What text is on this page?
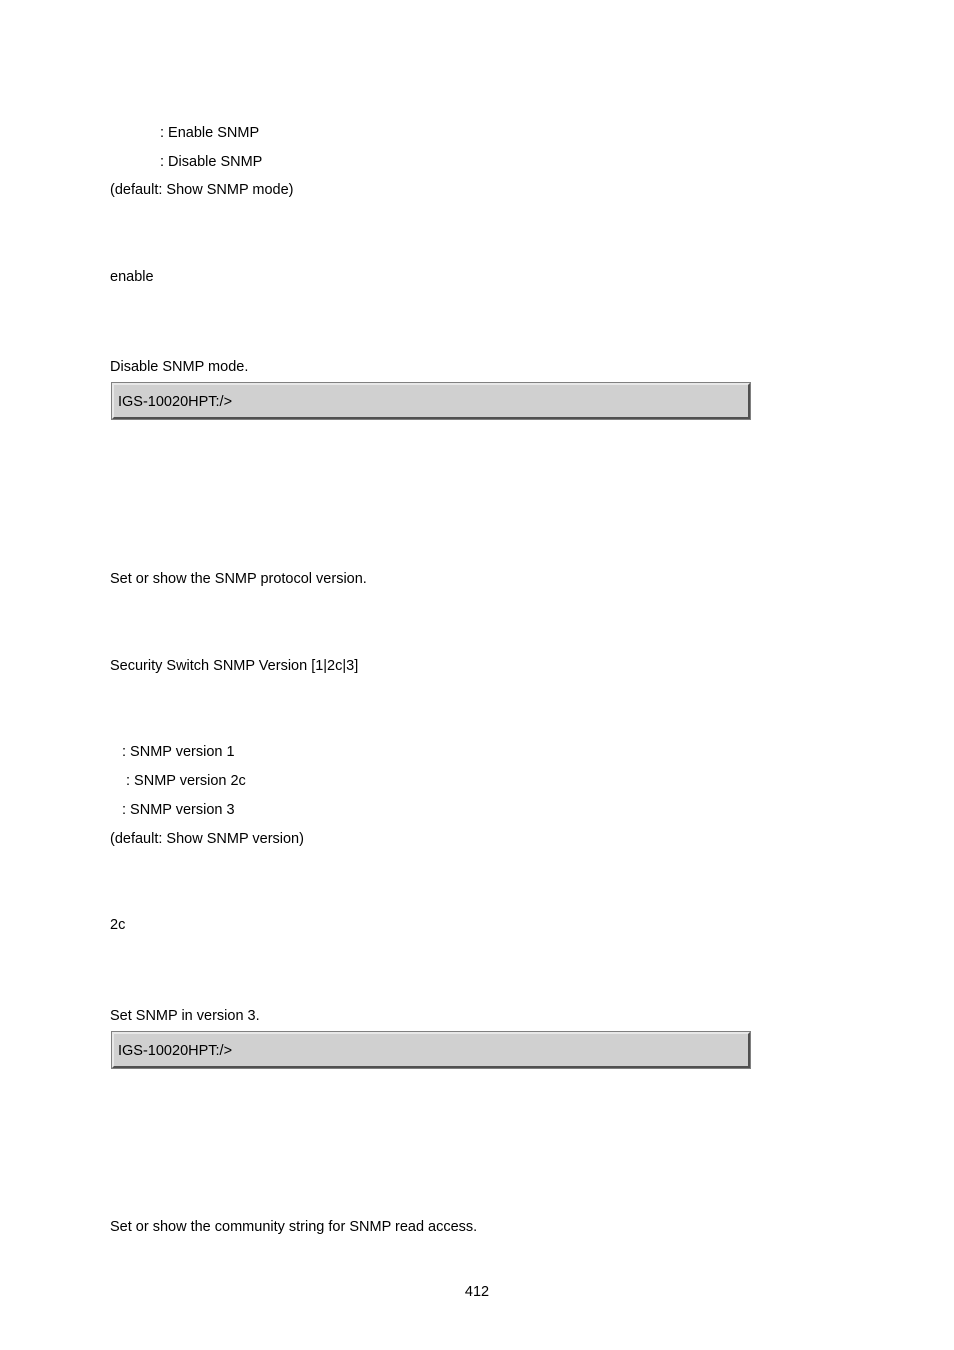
: Enable SNMP
: Disable SNMP
(default: Show SNMP mode)
enable
Disable SNMP mode.
IGS-10020HPT:/>
Set or show the SNMP protocol version.
Security Switch SNMP Version [1|2c|3]
: SNMP version 1
: SNMP version 2c
: SNMP version 3
(default: Show SNMP version)
2c
Set SNMP in version 3.
IGS-10020HPT:/>
Set or show the community string for SNMP read access.
412
